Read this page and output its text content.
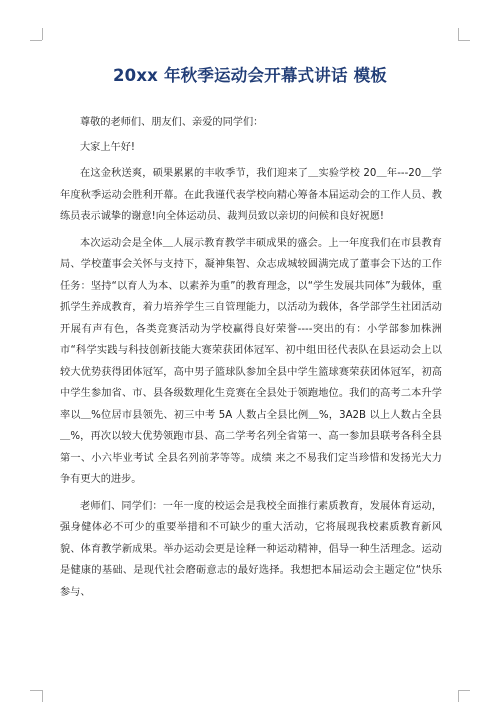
20xx 年秋季运动会开幕式讲话 模板

尊敬的老师们、朋友们、亲爱的同学们：

大家上午好!

在这金秋送爽，硕果累累的丰收季节，我们迎来了＿实验学校 20＿年---20＿学年度秋季运动会胜利开幕。在此我谨代表学校向精心筹备本届运动会的工作人员、教练员表示诚挚的谢意!向全体运动员、裁判员致以亲切的问候和良好祝愿!

本次运动会是全体＿人展示教育教学丰硕成果的盛会。上一年度我们在市县教育局、学校董事会关怀与支持下，凝神集智、众志成城较圆满完成了董事会下达的工作任务：坚持“以育人为本、以素养为重”的教育理念，以“学生发展共同体”为载体，重抓学生养成教育，着力培养学生三自管理能力，以活动为载体，各学部学生社团活动开展有声有色，各类竞赛活动为学校赢得良好荣誉----突出的有：小学部参加株洲市“科学实践与科技创新技能大赛荣获团体冠军、初中组田径代表队在县运动会上以较大优势获得团体冠军，高中男子篮球队参加全县中学生篮球赛荣获团体冠军，初高中学生参加省、市、县各级数理化生竞赛在全县处于领跑地位。我们的高考二本升学率以＿%位居市县领先、初三中考 5A 人数占全县比例＿%，3A2B 以上人数占全县＿%，再次以较大优势领跑市县、高二学考名列全省第一、高一参加县联考各科全县第一、小六毕业考试 全县名列前茅等等。成绩 来之不易我们定当珍惜和发扬光大力争有更大的进步。

老师们、同学们：一年一度的校运会是我校全面推行素质教育，发展体育运动，强身健体必不可少的重要举措和不可缺少的重大活动，它将展现我校素质教育新风貌、体育教学新成果。举办运动会更是诠释一种运动精神，倡导一种生活理念。运动是健康的基础、是现代社会磨砺意志的最好选择。我想把本届运动会主题定位“快乐参与、
